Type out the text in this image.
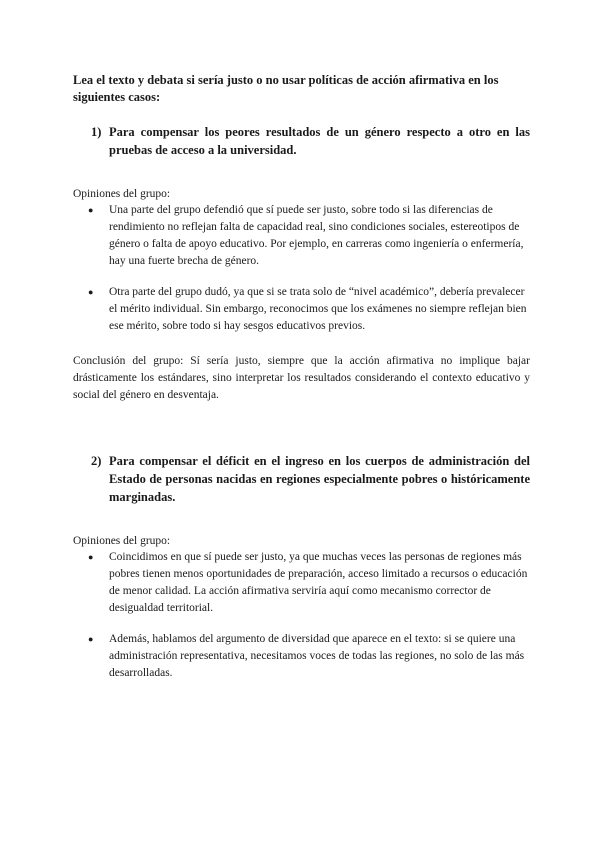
Lea el texto y debata si sería justo o no usar políticas de acción afirmativa en los siguientes casos:

1) Para compensar los peores resultados de un género respecto a otro en las pruebas de acceso a la universidad.

Opiniones del grupo:

●	Una parte del grupo defendió que sí puede ser justo, sobre todo si las diferencias de rendimiento no reflejan falta de capacidad real, sino condiciones sociales, estereotipos de género o falta de apoyo educativo. Por ejemplo, en carreras como ingeniería o enfermería, hay una fuerte brecha de género.
●	Otra parte del grupo dudó, ya que si se trata solo de “nivel académico”, debería prevalecer el mérito individual. Sin embargo, reconocimos que los exámenes no siempre reflejan bien ese mérito, sobre todo si hay sesgos educativos previos.

Conclusión del grupo: Sí sería justo, siempre que la acción afirmativa no implique bajar drásticamente los estándares, sino interpretar los resultados considerando el contexto educativo y social del género en desventaja.

2) Para compensar el déficit en el ingreso en los cuerpos de administración del Estado de personas nacidas en regiones especialmente pobres o históricamente marginadas.

Opiniones del grupo:

●	Coincidimos en que sí puede ser justo, ya que muchas veces las personas de regiones más pobres tienen menos oportunidades de preparación, acceso limitado a recursos o educación de menor calidad. La acción afirmativa serviría aquí como mecanismo corrector de desigualdad territorial.
●	Además, hablamos del argumento de diversidad que aparece en el texto: si se quiere una administración representativa, necesitamos voces de todas las regiones, no solo de las más desarrolladas.
